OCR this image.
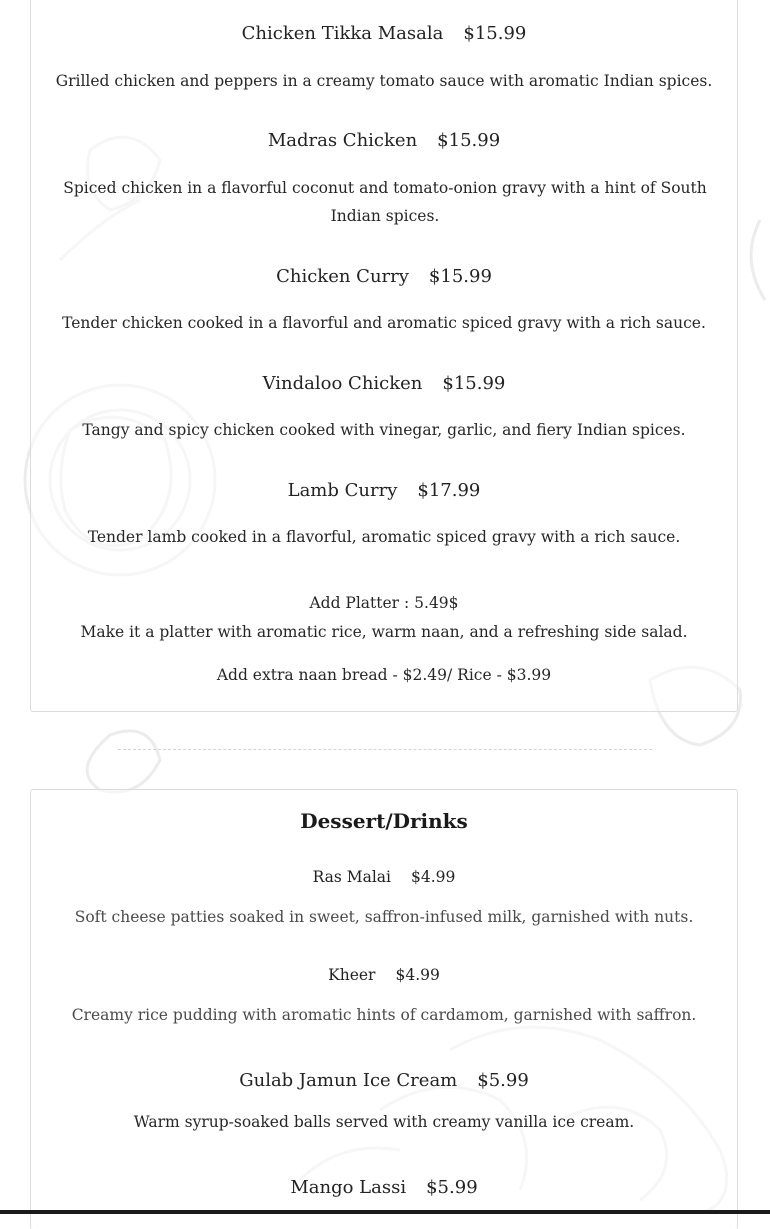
Chicken Tikka Masala $15.99
Grilled chicken and peppers in a creamy tomato sauce with aromatic Indian spices.
Madras Chicken $15.99
Spiced chicken in a flavorful coconut and tomato-onion gravy with a hint of South Indian spices.
Chicken Curry $15.99
Tender chicken cooked in a flavorful and aromatic spiced gravy with a rich sauce.
Vindaloo Chicken $15.99
Tangy and spicy chicken cooked with vinegar, garlic, and fiery Indian spices.
Lamb Curry $17.99
Tender lamb cooked in a flavorful, aromatic spiced gravy with a rich sauce.
Add Platter : 5.49$
Make it a platter with aromatic rice, warm naan, and a refreshing side salad.
Add extra naan bread - $2.49/ Rice - $3.99
Dessert/Drinks
Ras Malai $4.99
Soft cheese patties soaked in sweet, saffron-infused milk, garnished with nuts.
Kheer $4.99
Creamy rice pudding with aromatic hints of cardamom, garnished with saffron.
Gulab Jamun Ice Cream $5.99
Warm syrup-soaked balls served with creamy vanilla ice cream.
Mango Lassi $5.99
